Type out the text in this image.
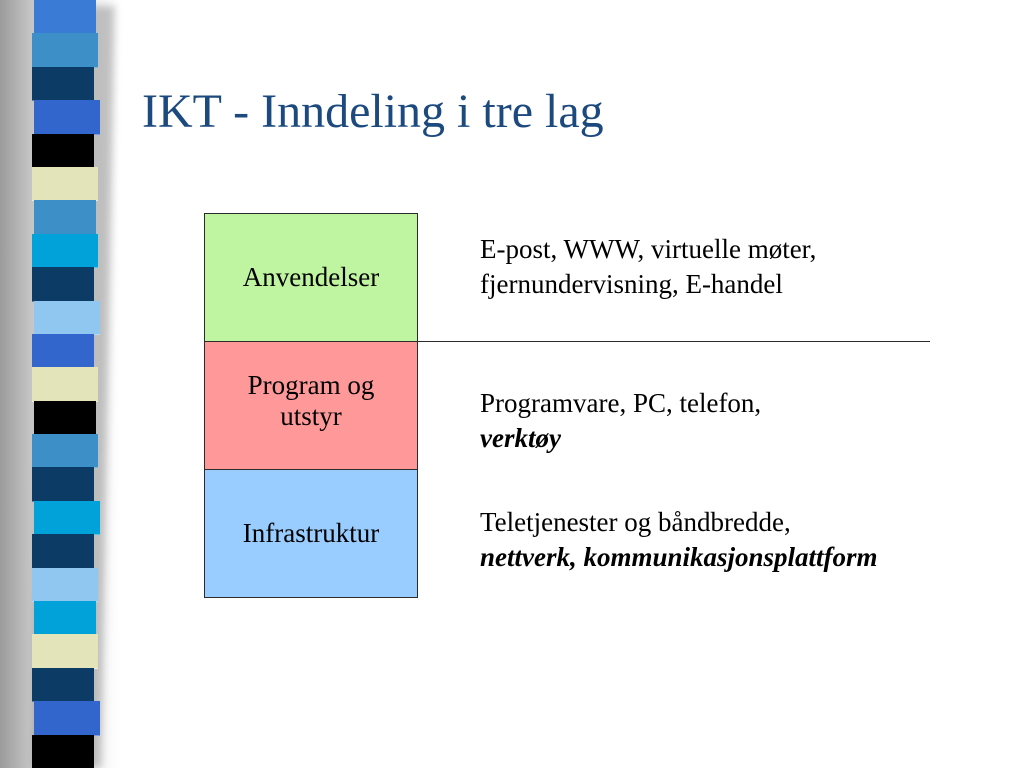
IKT - Inndeling i tre lag
Anvendelser
Program og
utstyr
Infrastruktur
E-post, WWW, virtuelle møter,
fjernundervisning, E-handel
Programvare, PC, telefon,
verktøy
Teletjenester og båndbredde,
nettverk, kommunikasjonsplattform
